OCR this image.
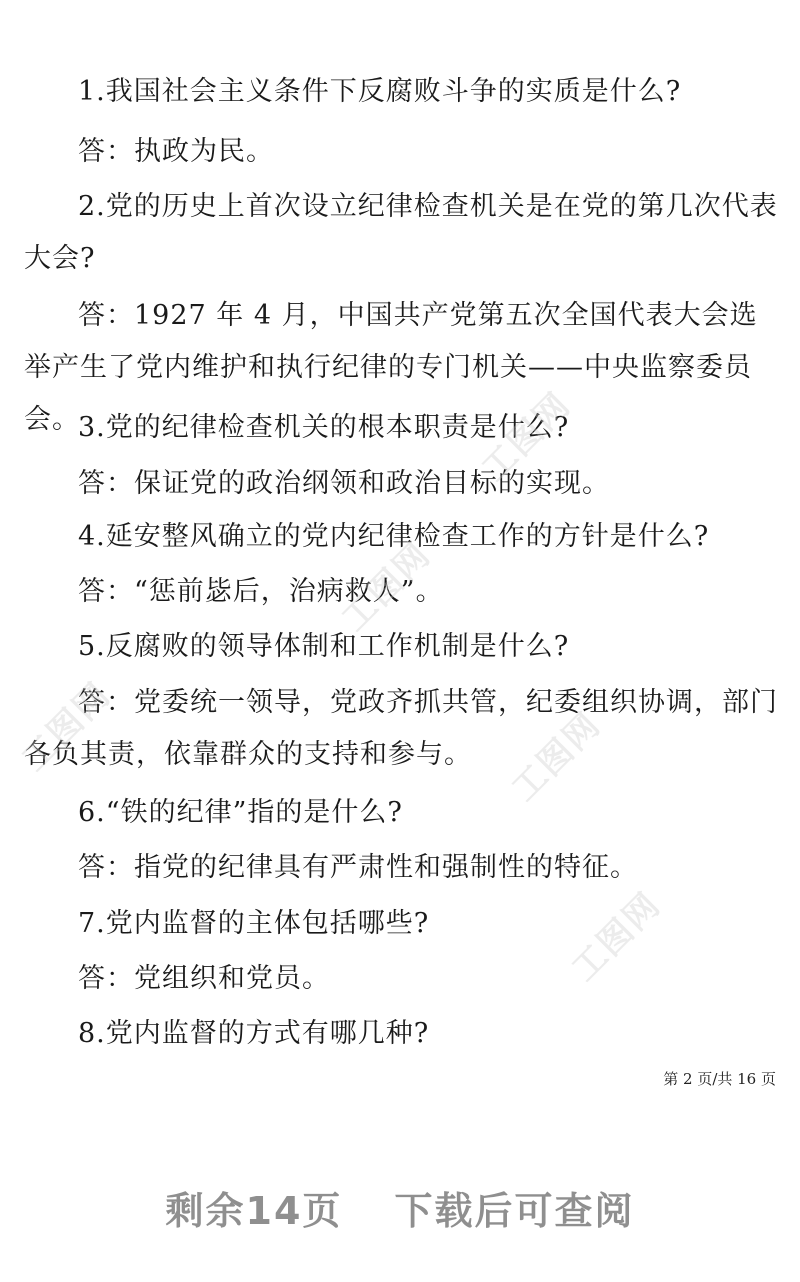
1.我国社会主义条件下反腐败斗争的实质是什么?

答：执政为民。

2.党的历史上首次设立纪律检查机关是在党的第几次代表大会?

答：1927 年 4 月，中国共产党第五次全国代表大会选举产生了党内维护和执行纪律的专门机关——中央监察委员会。

3.党的纪律检查机关的根本职责是什么?

答：保证党的政治纲领和政治目标的实现。

4.延安整风确立的党内纪律检查工作的方针是什么?

答：“惩前毖后，治病救人”。

5.反腐败的领导体制和工作机制是什么?

答：党委统一领导，党政齐抓共管，纪委组织协调，部门各负其责，依靠群众的支持和参与。

6.“铁的纪律”指的是什么?

答：指党的纪律具有严肃性和强制性的特征。

7.党内监督的主体包括哪些?

答：党组织和党员。

8.党内监督的方式有哪几种?

工图网
工图网
工图网
工图网
工图网
第 2 页/共 16 页
剩余14页 下载后可查阅
